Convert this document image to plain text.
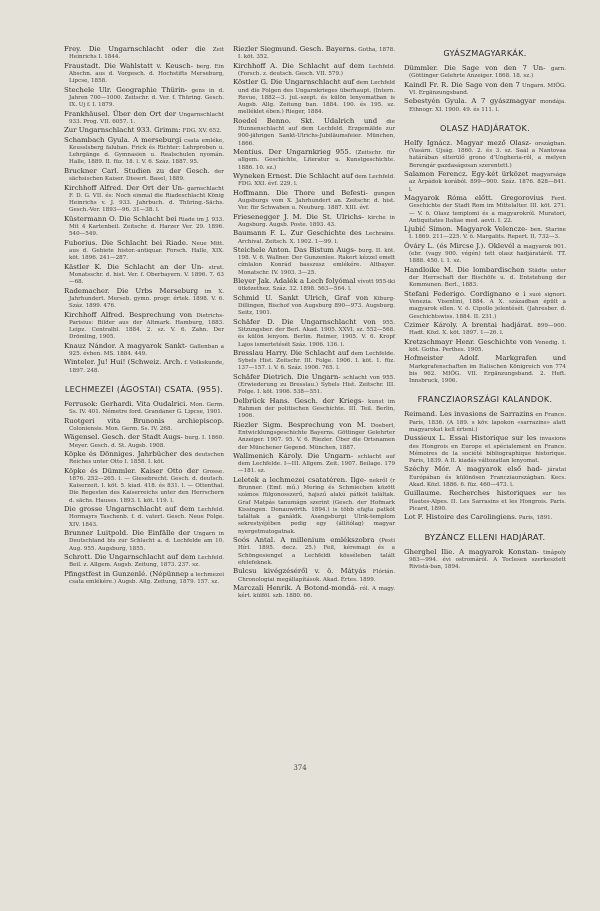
Frey. Die Ungarnschlacht oder die Zeit Heinrichs I. 1844.

Fraustadt. Die Wahlstatt v. Keusch- berg. Ein Abschn. aus d. Vorgesch. d. Hochstifts Merseburg, Lipcse, 1858.

Stechele Ulr. Geographie Thürin- gens in d. Jahren 700—1000. Zeitschr. d. Ver. f. Thüring. Gesch. IX. Uj f. I. 1879.

Frankhäusel. Über den Ort der Ungarnschlacht 933. Prog. VII. 6057. 1.

Zur Ungarnschlacht 933. Grimm: FDG. XV. 652.

Schambach Gyula. A merseburgi csata emléke, Keusslsberg faluban. Frick és Richter: Lehrproben u. Lehrgänge d. Gymnasien u. Realschulen nyomán. Halle, 1889. II. füz. 18. l. V. 6. Száz. 1887. 95.

Bruckner Carl. Studien zu der Gesch. der sächsischen Kaiser. Dissert. Basel, 1889.

Kirchhoff Alfred. Der Ort der Un- garnschlacht F. D. G. VII. és: Noch einmal die Riadeschlacht König Heinrichs v. J. 933. Jahrbuch. d. Thüring.-Sächs. Gesch.-Ver. 1893—96. 31—38. l.

Küstermann O. Die Schlacht bei Riade im J. 933. Mit 4 Kartenbeil. Zeitschr. d. Harzer Ver. 29. 1896. 540—549.

Fuborius. Die Schlacht bei Riade. Neue Mitt. aus d. Gebiete histor.-antiquar. Forsch. Halle, XIX. köt. 1896. 241—287.

Kästler K. Die Schlacht an der Un- strut. Monatsschr. d. hist. Ver. f. Oberbayern. V. 1896. 7. 63—68.

Rademacher. Die Urbs Merseburg im X. Jahrhundert. Merseb. gymn. progr. értek. 1898. V. 6. Száz. 1899. 476.

Kirchhoff Alfred. Besprechung von Dietrichs-Parisius: Bilder aus der Altmark. Hamburg, 1883. Leipz. Centralbl. 1884. 2. sz. V. 6. Zahn. Der Drömling, 1905.

Knauz Nándor. A magyarok Sankt- Gallenban a 925. évben. MS. 1884. 449.

Winteler. Ju! Hui! (Schweiz. Arch. f. Volkskunde, 1897. 248.

LECHMEZEI (ÁGOSTAI) CSATA. (955).

Ferrusok: Gerhardi. Vita Oudalrici. Mon. Germ. Ss. IV. 401. Németre ford. Grandaner G. Lipcse, 1901.

Ruotgeri vita Brunonis archiepiscop. Coloniensis. Mon. Germ. Ss. IV. 268.

Wägensel. Gesch. der Stadt Augs- burg. I. 1860. Meyer. Gesch. d. St. Augsb. 1908.

Köpke és Dönniges. Jahrbücher des deutschen Reiches unter Otto I. 1858. I. köt.

Köpke és Dümmler. Kaiser Otto der Grosse. 1876. 252—265. l. — Giesebrecht. Gesch. d. deutsch. Kaiserzeit. I. köt. 5. kiad. 418. és 831. l. — Ottenthal. Die Regesten des Kaiserreichs unter den Herrschern d. sächs. Hauses. 1893. I. köt. 119. l.

Die grosse Ungarnschlacht auf dem Lechfeld. Hormayrs Taschenb. f. d. vaterl. Gesch. Neue Folge. XIV. 1843.

Brunner Luitpold. Die Einfälle der Ungarn in Deutschland bis zur Schlacht a. d. Lechfelde am 10. Aug. 955. Augsburg, 1855.

Schrott. Die Ungarnschlacht auf dem Lechfeld. Beil. z. Allgem. Augsb. Zeitung, 1873. 237. sz.

Pfingstfest in Gunzenlé. (Népünnep a lechmezei csata emlékére.) Augsb. Allg. Zeitung, 1879. 157. sz.

Riezler Siegmund. Gesch. Bayerns. Gotha, 1878. I. köt. 352.

Kirchhoff A. Die Schlacht auf dem Lechfeld. (Forsch. z. deutsch. Gesch. VII. 579.)

Köstler G. Die Ungarnschlacht auf dem Lechfeld und die Folgen des Ungarnkrieges überhaupt. (Intern. Revue, 1882—3. jul.-szept. és külön lenyomatban is Augsb. Allg. Zeitung ban. 1884. 190. és 195. sz. melléklet ében.) Rieger, 1884.

Roedel Benno. Skt. Udalrich und die Hunnenschlacht auf dem Lechfeld. Erzgemälde zur 900-jährigen Sankt-Ulrichs-Jubiläumsfeier. München, 1866.

Mentius. Der Ungarnkrieg 955. (Zeitschr. für allgem. Geschichte, Literatur u. Kunstgeschichte. 1886. 10. sz.)

Wyneken Ernest. Die Schlacht auf dem Lechfeld. FDG. XXI. évf. 229. l.

Hoffmann. Die Thore und Befesti- gungen Augsburgs vom X. Jahrhundert an. Zeitschr. d. hist. Ver. für Schwaben u. Neuburg. 1887. XIII. évf.

Friesenegger J. M. Die St. Ulrichs- kirche in Augsburg. Augsb. Poste. 1893. 43.

Baumann F. L. Zur Geschichte des Lechrains. Archival. Zeitsch. X. 1902. 1—99. l.

Steichele Anton. Das Bistum Augs- burg. II. köt. 198. V. 6. Wallner. Der Gunzenlee. Rakert kézzel emelt címlalon Konrád basszusz emlékére. Altbayer. Monatschr. IV. 1903. 3—25.

Bleyer Jak. Adalék a Lech folyómal vívott 955-iki ütközethez. Száz. 32. 1898. 563—564. l.

Schmid U. Sankt Ulrich, Graf von Kiburg-Dillingen, Bischof von Augsburg 890—973. Augsburg. Seitz, 1901.

Schäfer D. Die Ungarnschlacht von 955. Sitzungsber. der Berl. Akad. 1905. XXVI. sz. 552—568. és külön lenyom. Berlin. Reimer, 1905. V. 6. Kropf Lajos ismertetését Száz. 1906. 136. l.

Bresslau Harry. Die Schlacht auf dem Lechfelde. Sybels Hist. Zeitschr. III. Folge. 1906. I. köt. 1. füz. 137—157. l. V. 6. Száz. 1906. 765. l.

Schäfer Dietrich. Die Ungarn- schlacht von 955. (Erwiederung zu Bresslau.) Sybels Hist. Zeitschr. III. Folge. I. köt. 1906. 538—551.

Delbrück Hans. Gesch. der Kriegs- kunst im Rahmen der politischen Geschichte. III. Teil. Berlin, 1906.

Riezler Sigm. Besprechung von M. Doeberl, Entwicklungsgeschichte Bayerns. Göttinger Gelehrter Anzeiger. 1907. 95. V. 6. Riezler. Über die Ortsnamen der Münchener Gegend. München, 1887.

Wallmenich Károly. Die Ungarn- schlacht auf dem Lechfelde. I—III. Allgem. Zeit. 1907. Beilage. 179—181. sz.

Leletek a lechmezei csatatéren. Ilge- nekről (r Brunner. (Emf. mű.) Mering és Schmiechen között számos fülgonosszerű, hajszű alakú pátkót találtak. Graf Matpás tanumágn szerint (Gesch. der Hofmark Kissingen. Donauwörth. 1894.) is több efajta patkót találtak a ganáldk. Asangsburgi Ulrik-templom sekrestyéjében pedig egy (állítólag) magyar nyergetmutogatnak.

Soós Antal. A millenium emlékszobra (Pesti Hírl. 1895. decz. 25.) Feil, kéremagi és a Schöngesiengel a Lechfeldi kösséleben talált efelefeknek.

Bulcsu kivégzéséről v. ö. Mátyás Flórián. Chronologiai megállapítások. Akad. Értes. 1899.

Marczali Henrik. A Botond-mondá- ról. A magy. kért. külföl. szb. 1880. 66.

GYÁSZMAGYARKÁK.

Dümmler. Die Sage von den 7 Un- garn. (Göttinger Gelehrte Anzeiger. 1868. 18. sz.)

Kaindl Fr. R. Die Sage von den 7 Ungarn. MIÖG. VI. Ergänzungsband.

Sebestyén Gyula. A 7 gyászmagyar mondája. Ethnogr. XI. 1900. 49. és 111. l.

OLASZ HADJÁRATOK.

Helfy Ignácz. Magyar mező Olasz- országban. (Vasárn. Újság. 1860. 2. és 3. sz. Saál a Nantovaa határában elterülő grono d'Ungheria-ról, a melyen Berengár gazdaságosan szerentett.)

Salamon Ferencz. Egy-két ürközet magyarsága az Árpádok korából. 899—900. Száz. 1876. 828—841. l.

Magyarok Róma előtt. Gregorovius Ferd. Geschichte der Stadt Rom im Mittelalter. III. köt. 271. — V. ö. Olasz templomi és a magyarokról. Muratori, Antiquitates Italiae med. aevii. I. 22.

Ljubić Simon. Magyarok Velencze- ben. Starine I. 1869. 211—225. V. ö. Margalits. Repert. II. 732—3.

Óváry L. (és Mircse J.). Oklevél a magyarok 901. (ebr. (vagy 900. végén) tett olasz hadjáratáról. TT. 1888. 450. l. 1. sz.

Handloike M. Die lombardischen Städte unter der Herrschaft der Bischöfe u. d. Entstehung der Kommunen. Berl., 1883.

Stefani Federigo. Cordignano e i suoi signori. Venezia. Visentini, 1884. A X. században épült a magyarok ellen. V. ö. Cipollo jelentését. (Jahresber. d. Geschichtswiss. 1884. II. 231.)

Czimer Károly. A brentai hadjárat. 899—900. Hadt. Közl. X. köt. 1897. 1—26. l.

Kretzschmayr Henr. Geschichte von Venedig. I. köt. Gotha. Perthes. 1905.

Hofmeister Adolf. Markgrafen und Markgrafenschaften im Italischen Königreich von 774 bis 962. MIÖG. VII. Ergänzungsband. 2. Heft. Innsbruck, 1906.

FRANCZIAORSZÁGI KALANDOK.

Reimand. Les invasions de Sarrazins en France. Paris, 1836. (A 189. s köv. lapokon «sarrazins» alatt magyarokat kell érteni.)

Dussieux L. Essai Historique sur les invasions des Hongrois en Europe et spécialement en France. Mémoires de la société bibliographique historique. Paris, 1839. A II. kiadás változatlan lenyomat.

Széchy Mór. A magyarok első had- járatai Európában és különösen Francziaországban. Kecs. Akad. Közl. 1886. 6. füz. 460—473. l.

Guillaume. Recherches historiques sur les Hautes-Alpes. II. Les Sarrasins et les Hongrois. Paris. Picard, 1890.

Lot F. Histoire des Carolingiens. Paris, 1891.

BYZÁNCZ ELLENI HADJÁRAT.

Gherghel Ilie. A magyarok Konstan- tinápoly 983—994. évi ostromáról. A Toclesen szerkesztett Rivistà-ban, 1894.

374
